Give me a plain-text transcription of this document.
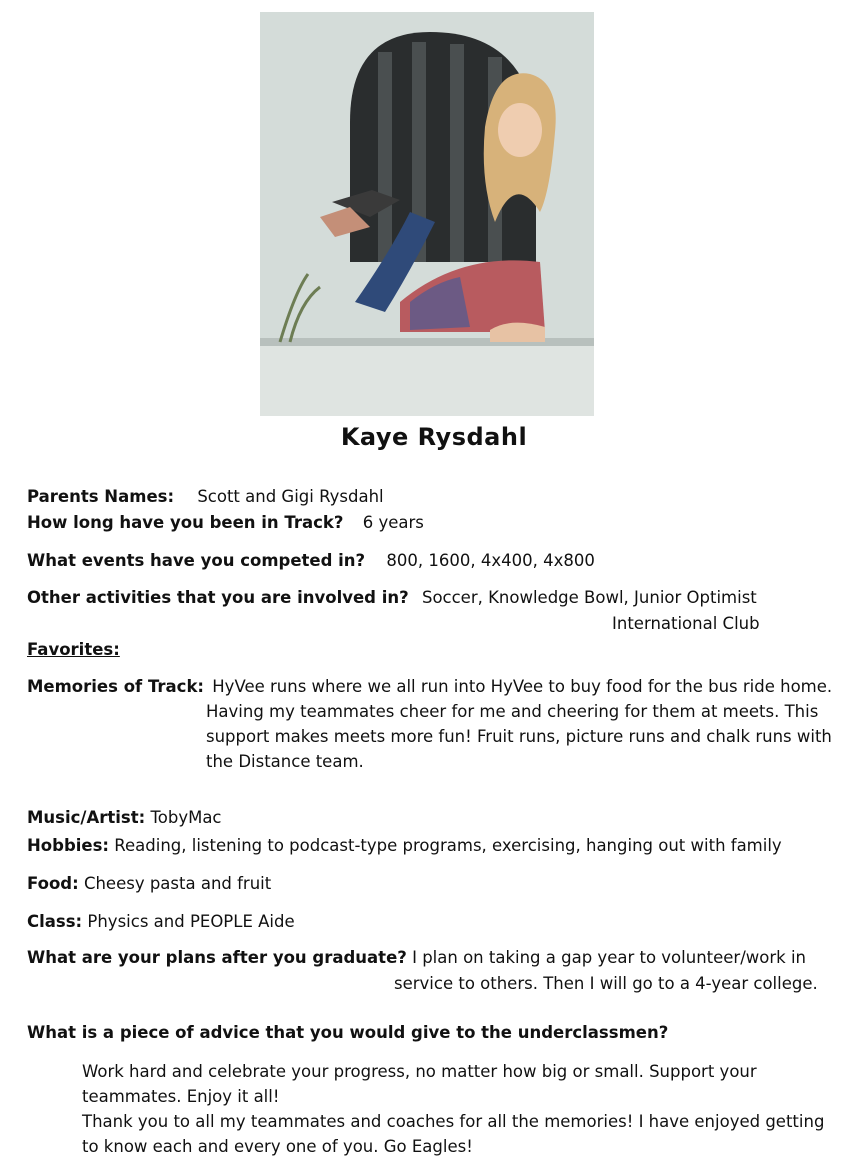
Kaye Rysdahl
Parents Names: Scott and Gigi Rysdahl
How long have you been in Track? 6 years
What events have you competed in? 800, 1600, 4x400, 4x800
Other activities that you are involved in? Soccer, Knowledge Bowl, Junior Optimist
International Club
Favorites:
Memories of Track: HyVee runs where we all run into HyVee to buy food for the bus ride home.
Having my teammates cheer for me and cheering for them at meets. This
support makes meets more fun! Fruit runs, picture runs and chalk runs with
the Distance team.
Music/Artist: TobyMac
Hobbies: Reading, listening to podcast-type programs, exercising, hanging out with family
Food: Cheesy pasta and fruit
Class: Physics and PEOPLE Aide
What are your plans after you graduate? I plan on taking a gap year to volunteer/work in
service to others. Then I will go to a 4-year college.
What is a piece of advice that you would give to the underclassmen?
Work hard and celebrate your progress, no matter how big or small. Support your
teammates. Enjoy it all!
Thank you to all my teammates and coaches for all the memories! I have enjoyed getting
to know each and every one of you. Go Eagles!
